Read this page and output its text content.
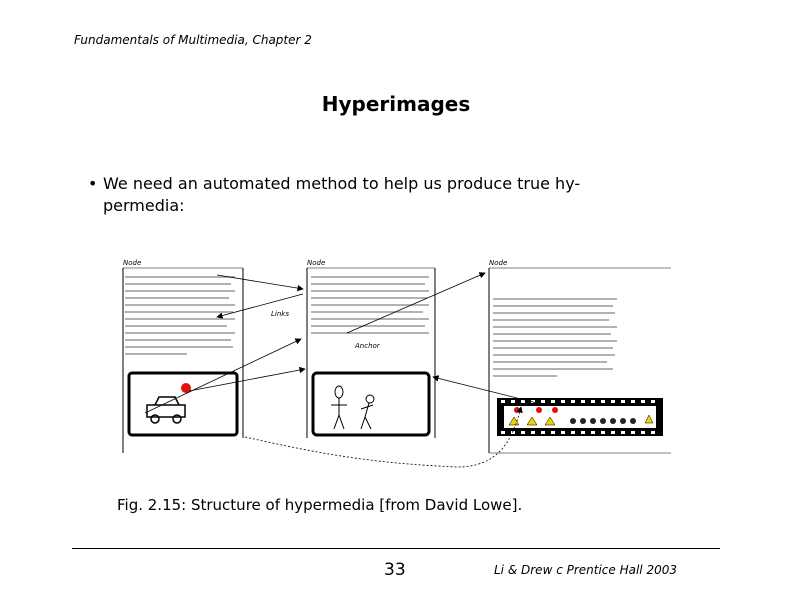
Fundamentals of Multimedia, Chapter 2
Hyperimages
• We need an automated method to help us produce true hy-
permedia:
Node	Node
Anchor
Links
Node
Fig. 2.15: Structure of hypermedia [from David Lowe].
33	Li & Drew c Prentice Hall 2003
